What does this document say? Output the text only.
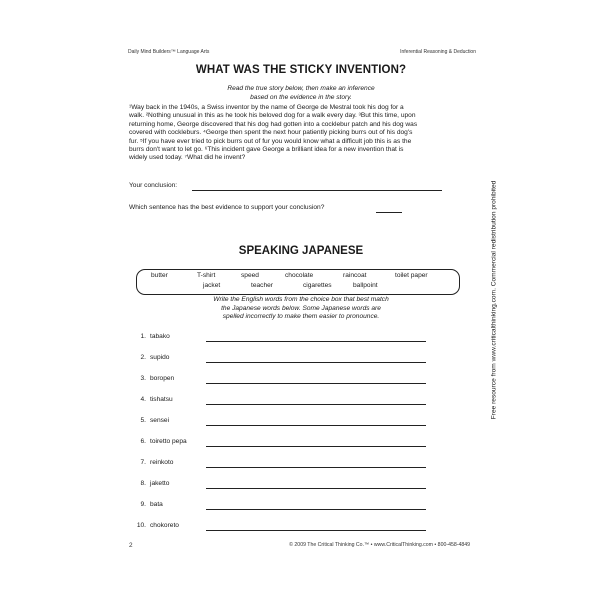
Daily Mind Builders™ Language Arts	Inferential Reasoning & Deduction
WHAT WAS THE STICKY INVENTION?
Read the true story below, then make an inference
based on the evidence in the story.
¹Way back in the 1940s, a Swiss inventor by the name of George de Mestral took his dog for a
walk. ²Nothing unusual in this as he took his beloved dog for a walk every day. ³But this time, upon
returning home, George discovered that his dog had gotten into a cocklebur patch and his dog was
covered with cockleburs. ⁴George then spent the next hour patiently picking burrs out of his dog's
fur. ⁵If you have ever tried to pick burrs out of fur you would know what a difficult job this is as the
burrs don't want to let go. ⁶This incident gave George a brilliant idea for a new invention that is
widely used today. ⁷What did he invent?
Your conclusion:
Which sentence has the best evidence to support your conclusion?
SPEAKING JAPANESE
butter	T-shirt	speed	chocolate	raincoat	toilet paper
jacket	teacher	cigarettes	ballpoint
Write the English words from the choice box that best match
the Japanese words below. Some Japanese words are
spelled incorrectly to make them easier to pronounce.
1. tabako
2. supido
3. boropen
4. tishatsu
5. sensei
6. toiretto pepa
7. reinkoto
8. jaketto
9. bata
10. chokoreto
2	© 2009 The Critical Thinking Co.™ • www.CriticalThinking.com • 800-458-4849
Free resource from www.criticalthinking.com. Commercial redistribution prohibited
